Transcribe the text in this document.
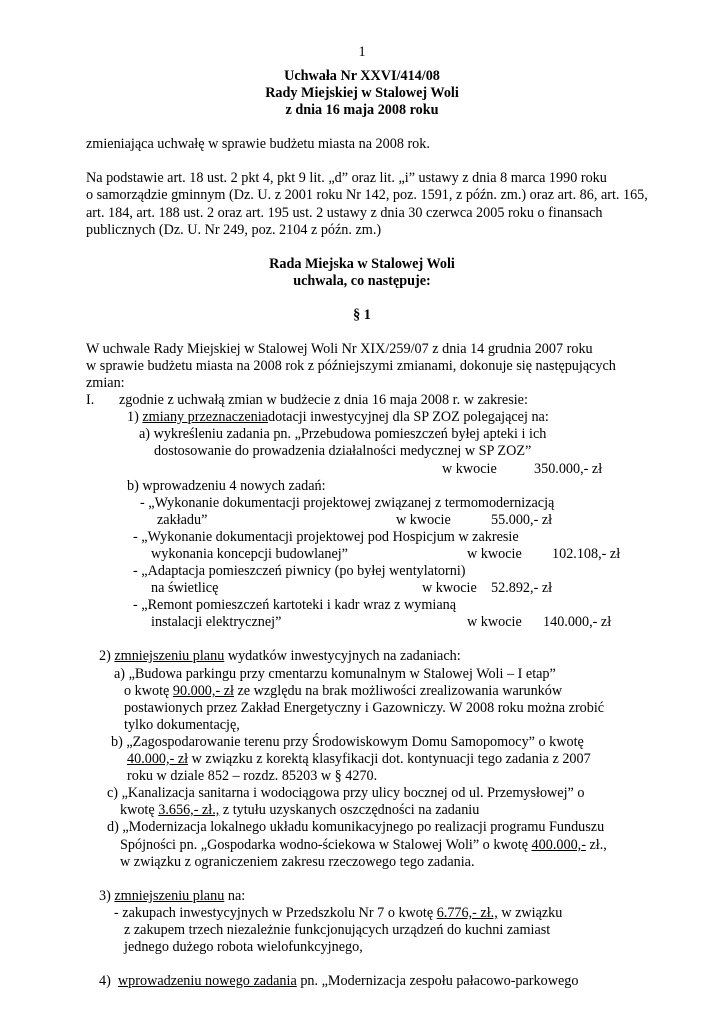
1
Uchwała Nr XXVI/414/08
Rady Miejskiej w Stalowej Woli
z dnia 16 maja 2008 roku
zmieniająca uchwałę w sprawie budżetu miasta na 2008 rok.
Na podstawie art. 18 ust. 2 pkt 4, pkt 9 lit. „d” oraz lit. „i” ustawy z dnia 8 marca 1990 roku
o samorządzie gminnym (Dz. U. z 2001 roku Nr 142, poz. 1591, z późn. zm.) oraz art. 86, art. 165,
art. 184, art. 188 ust. 2 oraz art. 195 ust. 2 ustawy z dnia 30 czerwca 2005 roku o finansach
publicznych (Dz. U. Nr 249, poz. 2104 z późn. zm.)
Rada Miejska w Stalowej Woli
uchwala, co następuje:
§ 1
W uchwale Rady Miejskiej w Stalowej Woli Nr XIX/259/07 z dnia 14 grudnia 2007 roku
w sprawie budżetu miasta na 2008 rok z późniejszymi zmianami, dokonuje się następujących
zmian:
I. zgodnie z uchwałą zmian w budżecie z dnia 16 maja 2008 r. w zakresie:
1) zmiany przeznaczeniadotacji inwestycyjnej dla SP ZOZ polegającej na:
a) wykreśleniu zadania pn. „Przebudowa pomieszczeń byłej apteki i ich
dostosowanie do prowadzenia działalności medycznej w SP ZOZ”
w kwocie	350.000,- zł
b) wprowadzeniu 4 nowych zadań:
- „Wykonanie dokumentacji projektowej związanej z termomodernizacją
zakładu”	w kwocie	55.000,- zł
- „Wykonanie dokumentacji projektowej pod Hospicjum w zakresie
wykonania koncepcji budowlanej”	w kwocie 102.108,- zł
- „Adaptacja pomieszczeń piwnicy (po byłej wentylatorni)
na świetlicę	w kwocie 52.892,- zł
- „Remont pomieszczeń kartoteki i kadr wraz z wymianą
instalacji elektrycznej”	w kwocie 140.000,- zł
2) zmniejszeniu planu wydatków inwestycyjnych na zadaniach:
a) „Budowa parkingu przy cmentarzu komunalnym w Stalowej Woli – I etap”
o kwotę 90.000,- zł ze względu na brak możliwości zrealizowania warunków
postawionych przez Zakład Energetyczny i Gazowniczy. W 2008 roku można zrobić
tylko dokumentację,
b) „Zagospodarowanie terenu przy Środowiskowym Domu Samopomocy” o kwotę
40.000,- zł w związku z korektą klasyfikacji dot. kontynuacji tego zadania z 2007
roku w dziale 852 – rozdz. 85203 w § 4270.
c) „Kanalizacja sanitarna i wodociągowa przy ulicy bocznej od ul. Przemysłowej” o
kwotę 3.656,- zł., z tytułu uzyskanych oszczędności na zadaniu
d) „Modernizacja lokalnego układu komunikacyjnego po realizacji programu Funduszu
Spójności pn. „Gospodarka wodno-ściekowa w Stalowej Woli” o kwotę 400.000,- zł.,
w związku z ograniczeniem zakresu rzeczowego tego zadania.
3) zmniejszeniu planu na:
- zakupach inwestycyjnych w Przedszkolu Nr 7 o kwotę 6.776,- zł., w związku
z zakupem trzech niezależnie funkcjonujących urządzeń do kuchni zamiast
jednego dużego robota wielofunkcyjnego,
4) wprowadzeniu nowego zadania pn. „Modernizacja zespołu pałacowo-parkowego
